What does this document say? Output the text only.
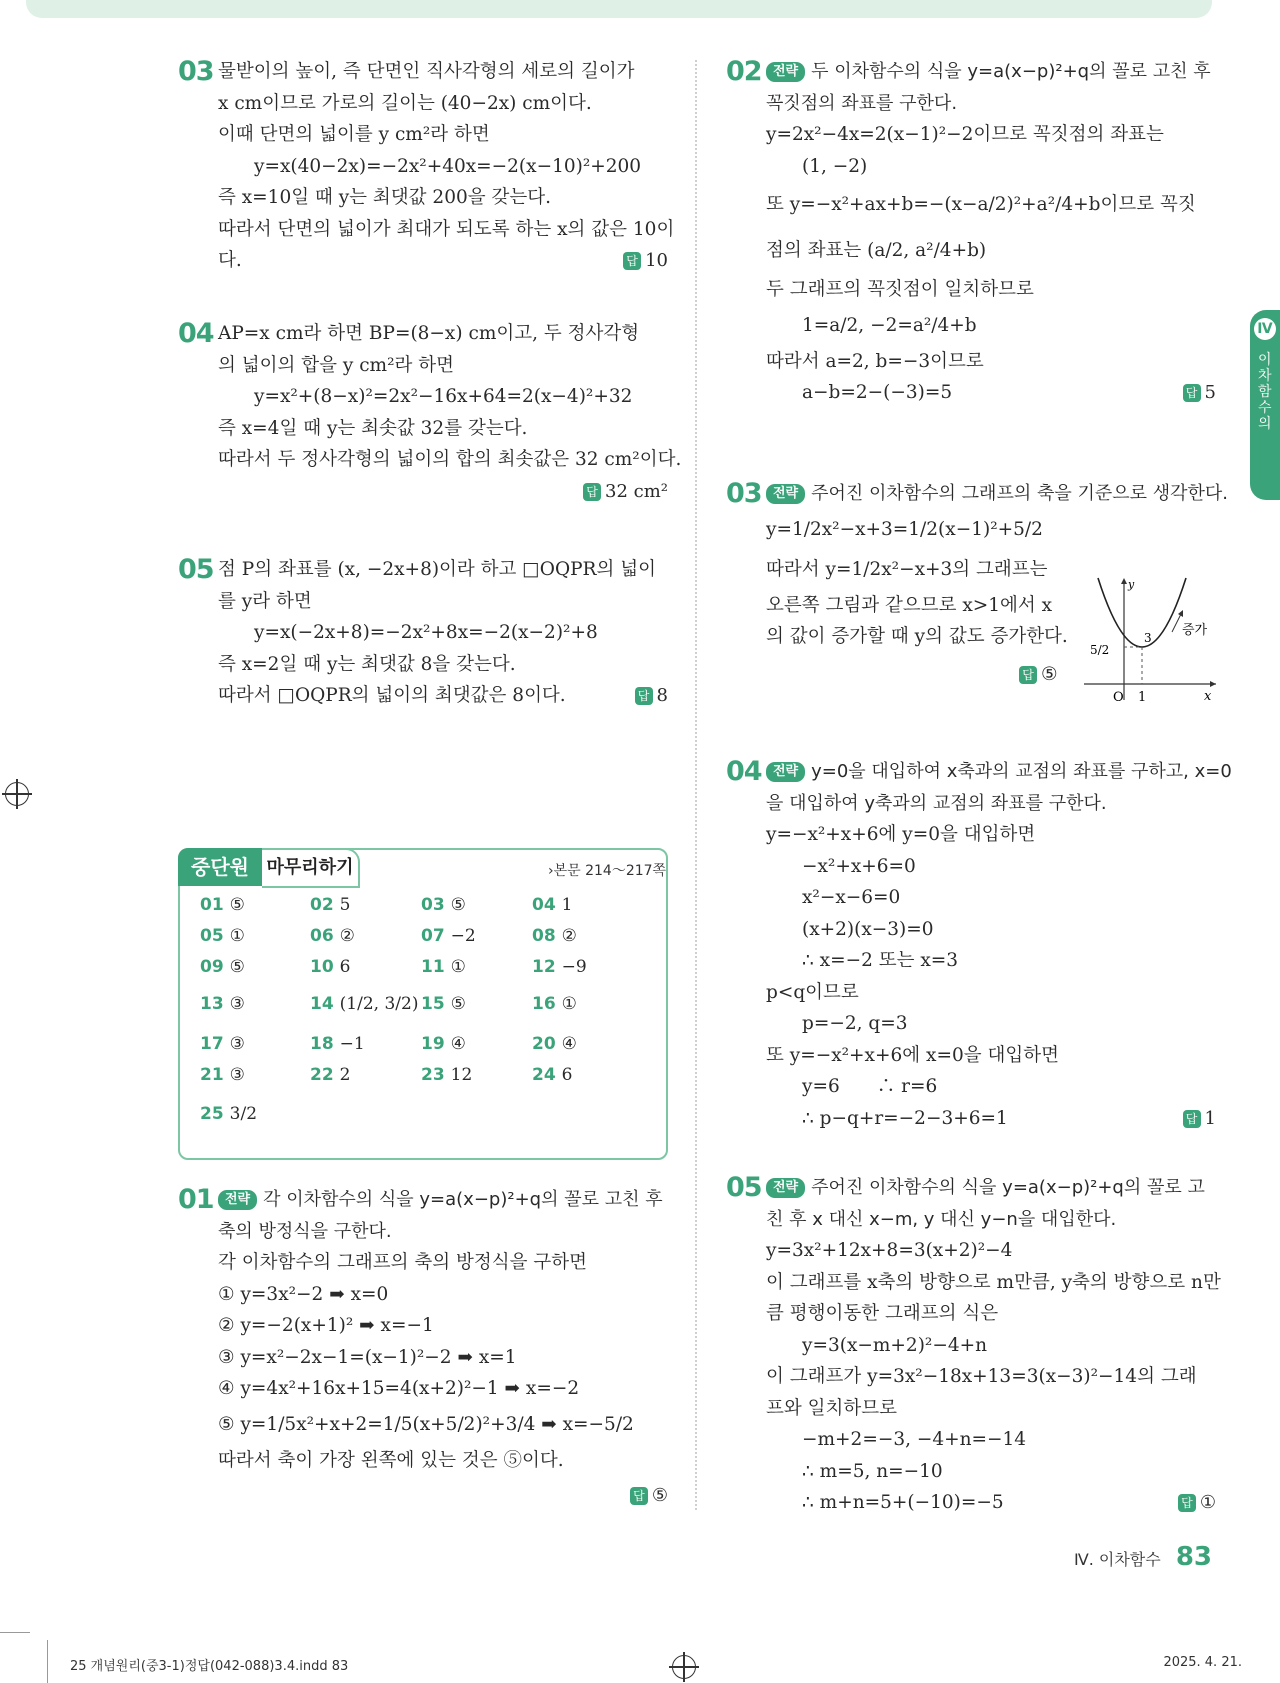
03 물받이의 높이, 즉 단면인 직사각형의 세로의 길이가
x cm이므로 가로의 길이는 (40−2x) cm이다.
이때 단면의 넓이를 y cm²라 하면
y=x(40−2x)=−2x²+40x=−2(x−10)²+200
즉 x=10일 때 y는 최댓값 200을 갖는다.
따라서 단면의 넓이가 최대가 되도록 하는 x의 값은 10이
다.	답 10
04 AP=x cm라 하면 BP=(8−x) cm이고, 두 정사각형
의 넓이의 합을 y cm²라 하면
y=x²+(8−x)²=2x²−16x+64=2(x−4)²+32
즉 x=4일 때 y는 최솟값 32를 갖는다.
따라서 두 정사각형의 넓이의 합의 최솟값은 32 cm²이다.
답 32 cm²
05 점 P의 좌표를 (x, −2x+8)이라 하고 □OQPR의 넓이
를 y라 하면
y=x(−2x+8)=−2x²+8x=−2(x−2)²+8
즉 x=2일 때 y는 최댓값 8을 갖는다.
따라서 □OQPR의 넓이의 최댓값은 8이다.	답 8
01 전략 각 이차함수의 식을 y=a(x−p)²+q의 꼴로 고친 후
축의 방정식을 구한다.
각 이차함수의 그래프의 축의 방정식을 구하면
① y=3x²−2 ➡ x=0
② y=−2(x+1)² ➡ x=−1
③ y=x²−2x−1=(x−1)²−2 ➡ x=1
④ y=4x²+16x+15=4(x+2)²−1 ➡ x=−2
⑤ y=1/5x²+x+2=1/5(x+5/2)²+3/4 ➡ x=−5/2
따라서 축이 가장 왼쪽에 있는 것은 ⑤이다.
답 ⑤
중단원 마무리하기	›본문 214～217쪽
01 ⑤	02 5	03 ⑤	04 1
05 ①	06 ②	07 −2	08 ②
09 ⑤	10 6	11 ①	12 −9
13 ③	14 (1/2, 3/2) 15 ⑤	16 ①
17 ③	18 −1	19 ④	20 ④
21 ③	22 2	23 12	24 6
25 3/2
02 전략 두 이차함수의 식을 y=a(x−p)²+q의 꼴로 고친 후
꼭짓점의 좌표를 구한다.
y=2x²−4x=2(x−1)²−2이므로 꼭짓점의 좌표는
(1, −2)
또 y=−x²+ax+b=−(x−a/2)²+a²/4+b이므로 꼭짓
점의 좌표는 (a/2, a²/4+b)
두 그래프의 꼭짓점이 일치하므로
1=a/2, −2=a²/4+b
따라서 a=2, b=−3이므로
a−b=2−(−3)=5	답 5
03 전략 주어진 이차함수의 그래프의 축을 기준으로 생각한다.
y=1/2x²−x+3=1/2(x−1)²+5/2
따라서 y=1/2x²−x+3의 그래프는
오른쪽 그림과 같으므로 x>1에서 x
의 값이 증가할 때 y의 값도 증가한다.
답 ⑤
04 전략 y=0을 대입하여 x축과의 교점의 좌표를 구하고, x=0
을 대입하여 y축과의 교점의 좌표를 구한다.
y=−x²+x+6에 y=0을 대입하면
−x²+x+6=0
x²−x−6=0
(x+2)(x−3)=0
∴ x=−2 또는 x=3
p<q이므로
p=−2, q=3
또 y=−x²+x+6에 x=0을 대입하면
y=6　　∴ r=6
∴ p−q+r=−2−3+6=1	답 1
05 전략 주어진 이차함수의 식을 y=a(x−p)²+q의 꼴로 고
친 후 x 대신 x−m, y 대신 y−n을 대입한다.
y=3x²+12x+8=3(x+2)²−4
이 그래프를 x축의 방향으로 m만큼, y축의 방향으로 n만
큼 평행이동한 그래프의 식은
y=3(x−m+2)²−4+n
이 그래프가 y=3x²−18x+13=3(x−3)²−14의 그래
프와 일치하므로
−m+2=−3, −4+n=−14
∴ m=5, n=−10
∴ m+n=5+(−10)=−5	답 ①
y
x
O 1
3
5/2
증가
Ⅳ
이차함수의
Ⅳ. 이차함수 83
25 개념원리(중3-1)정답(042-088)3.4.indd 83	2025. 4. 21.
